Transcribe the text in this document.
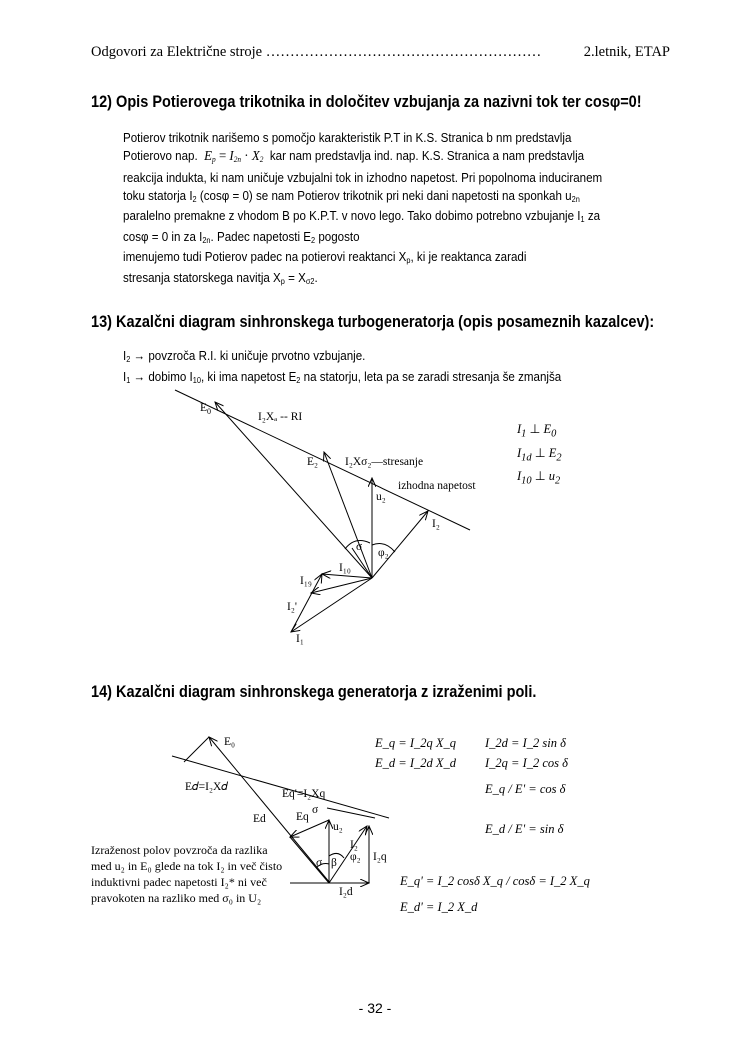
Odgovori za Električne stroje …………………………………………………	2.letnik, ETAP
12) Opis Potierovega trikotnika in določitev vzbujanja za nazivni tok ter cosφ=0!
Potierov trikotnik narišemo s pomočjo karakteristik P.T in K.S. Stranica b nm predstavlja
Potierovo nap. $E_p = I_{2n} \cdot X_2$ kar nam predstavlja ind. nap. K.S. Stranica a nam predstavlja
reakcija indukta, ki nam uničuje vzbujalni tok in izhodno napetost. Pri popolnoma induciranem
toku statorja $I_2$ (cosφ = 0) se nam Potierov trikotnik pri neki dani napetosti na sponkah $u_{2n}$
paralelno premakne z vhodom B po K.P.T. v novo lego. Tako dobimo potrebno vzbujanje $I_1$ za
cosφ = 0 in za $I_{2n}$. Padec napetosti $E_2$ pogosto
imenujemo tudi Potierov padec na potierovi reaktanci $X_p$, ki je reaktanca zaradi
stresanja statorskega navitja $X_p = X_{\sigma 2}$.
13) Kazalčni diagram sinhronskega turbogeneratorja (opis posameznih kazalcev):
$I_2$ → povzroča R.I. ki uničuje prvotno vzbujanje.
$I_1$ → dobimo $I_{10}$, ki ima napetost $E_2$ na statorju, leta pa se zaradi stresanja še zmanjša
$E_0$	I₂Xₐ -- RI
E₂ I₂Xσ₂—stresanje
izhodna napetost
u₂
I₂
σ φ₂
I₁₀
I₁₉
I₂'
I₁
E₀
E𝑑=I₂X𝑑
Eq'=I₂Xq
Ed	Eq
σ
u₂
I₂
σ β φ₂ I₂q
I₂d
$I_1$ ⊥ $E_0$
$I_{1d}$ ⊥ $E_2$
$I_{10}$ ⊥ $u_2$
14) Kazalčni diagram sinhronskega generatorja z izraženimi poli.
Izraženost polov povzroča da razlika
med u₂ in E₀ glede na tok I₂ in več čisto
induktivni padec napetosti I₂* ni več
pravokoten na razliko med σ₀ in U₂
E_q = I_2q X_q
E_d = I_2d X_d
I_2d = I_2 sin δ
I_2q = I_2 cos δ
E_q / E' = cos δ
E_d / E' = sin δ
E_q' = I_2 cosδ X_q / cosδ = I_2 X_q
E_d' = I_2 X_d
- 32 -
